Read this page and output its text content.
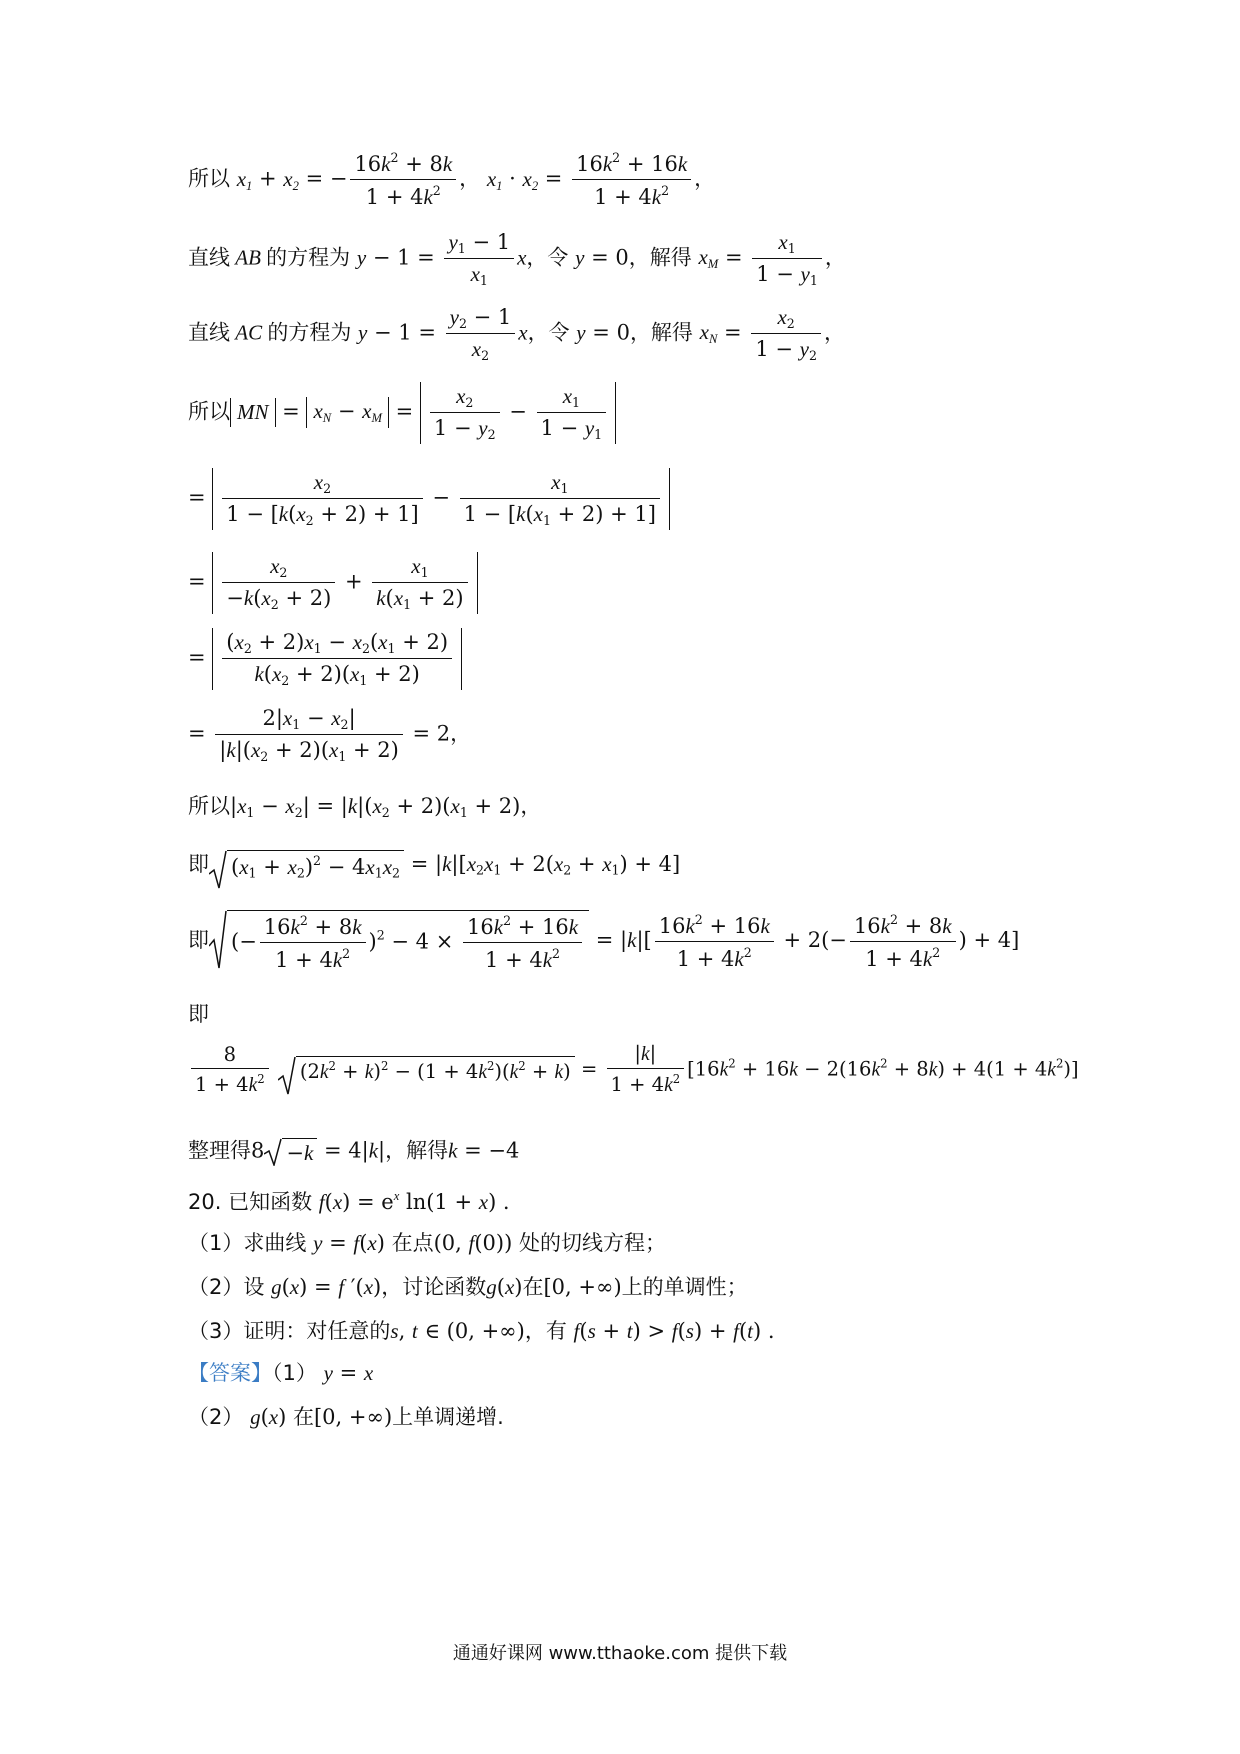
所以 $x_1 + x_2$ = − $\frac{16k^2 + 8k}{1 + 4k^2}$ ， $x_1 \cdot x_2 = \frac{16k^2 + 16k}{1 + 4k^2}$ ，
直线 AB 的方程为 $y - 1 = \frac{y_1 - 1}{x_1}$ x，令 y = 0，解得 $x_M = \frac{x_1}{1 - y_1}$ ，
直线 AC 的方程为 $y - 1 = \frac{y_2 - 1}{x_2}$ x，令 y = 0，解得 $x_N = \frac{x_2}{1 - y_2}$ ，
所以 MN = $x_N - x_M = \frac{x_2}{1 - y_2} - \frac{x_1}{1 - y_1}$
= $\frac{x_2}{1 - [k(x_2 + 2) + 1]} - \frac{x_1}{1 - [k(x_1 + 2) + 1]}$
= $\frac{x_2}{-k(x_2 + 2)} + \frac{x_1}{k(x_1 + 2)}$
= $\frac{(x_2 + 2)x_1 - x_2(x_1 + 2)}{k(x_2 + 2)(x_1 + 2)}$
= $\frac{2|x_1 - x_2|}{|k|(x_2 + 2)(x_1 + 2)} = 2$，
所以$|x_1 - x_2| = |k|(x_2 + 2)(x_1 + 2)$，
即 $(x_1 + x_2)^2 - 4x_1x_2 = |k|[x_2x_1 + 2(x_2 + x_1) + 4]$
即 (− $\frac{16k^2 + 8k}{1 + 4k^2} )^2 - 4 \times \frac{16k^2 + 16k}{1 + 4k^2} = |k|[ \frac{16k^2 + 16k}{1 + 4k^2} + 2(- \frac{16k^2 + 8k}{1 + 4k^2}$ ) + 4]
即
$\frac{8}{1 + 4k^2}$
$(2k^2 + k)^2 - (1 + 4k^2)(k^2 + k) = \frac{|k|}{1 + 4k^2} [16k^2 + 16k - 2(16k^2 + 8k) + 4(1 + 4k^2)]$
整理得8 −k = 4|k|，解得k = −4
20. 已知函数 $f(x) = e^x$ ln(1 + x) .
（1）求曲线 y = f(x) 在点(0, f(0)) 处的切线方程；
（2）设 g(x) = f ′(x)，讨论函数g(x)在[0, +∞)上的单调性；
（3）证明：对任意的s, t ∈ (0, +∞)，有 f(s + t) > f(s) + f(t) .
【答案】（1） y = x
（2） g(x) 在[0, +∞)上单调递增.
通通好课网 www.tthaoke.com 提供下载
